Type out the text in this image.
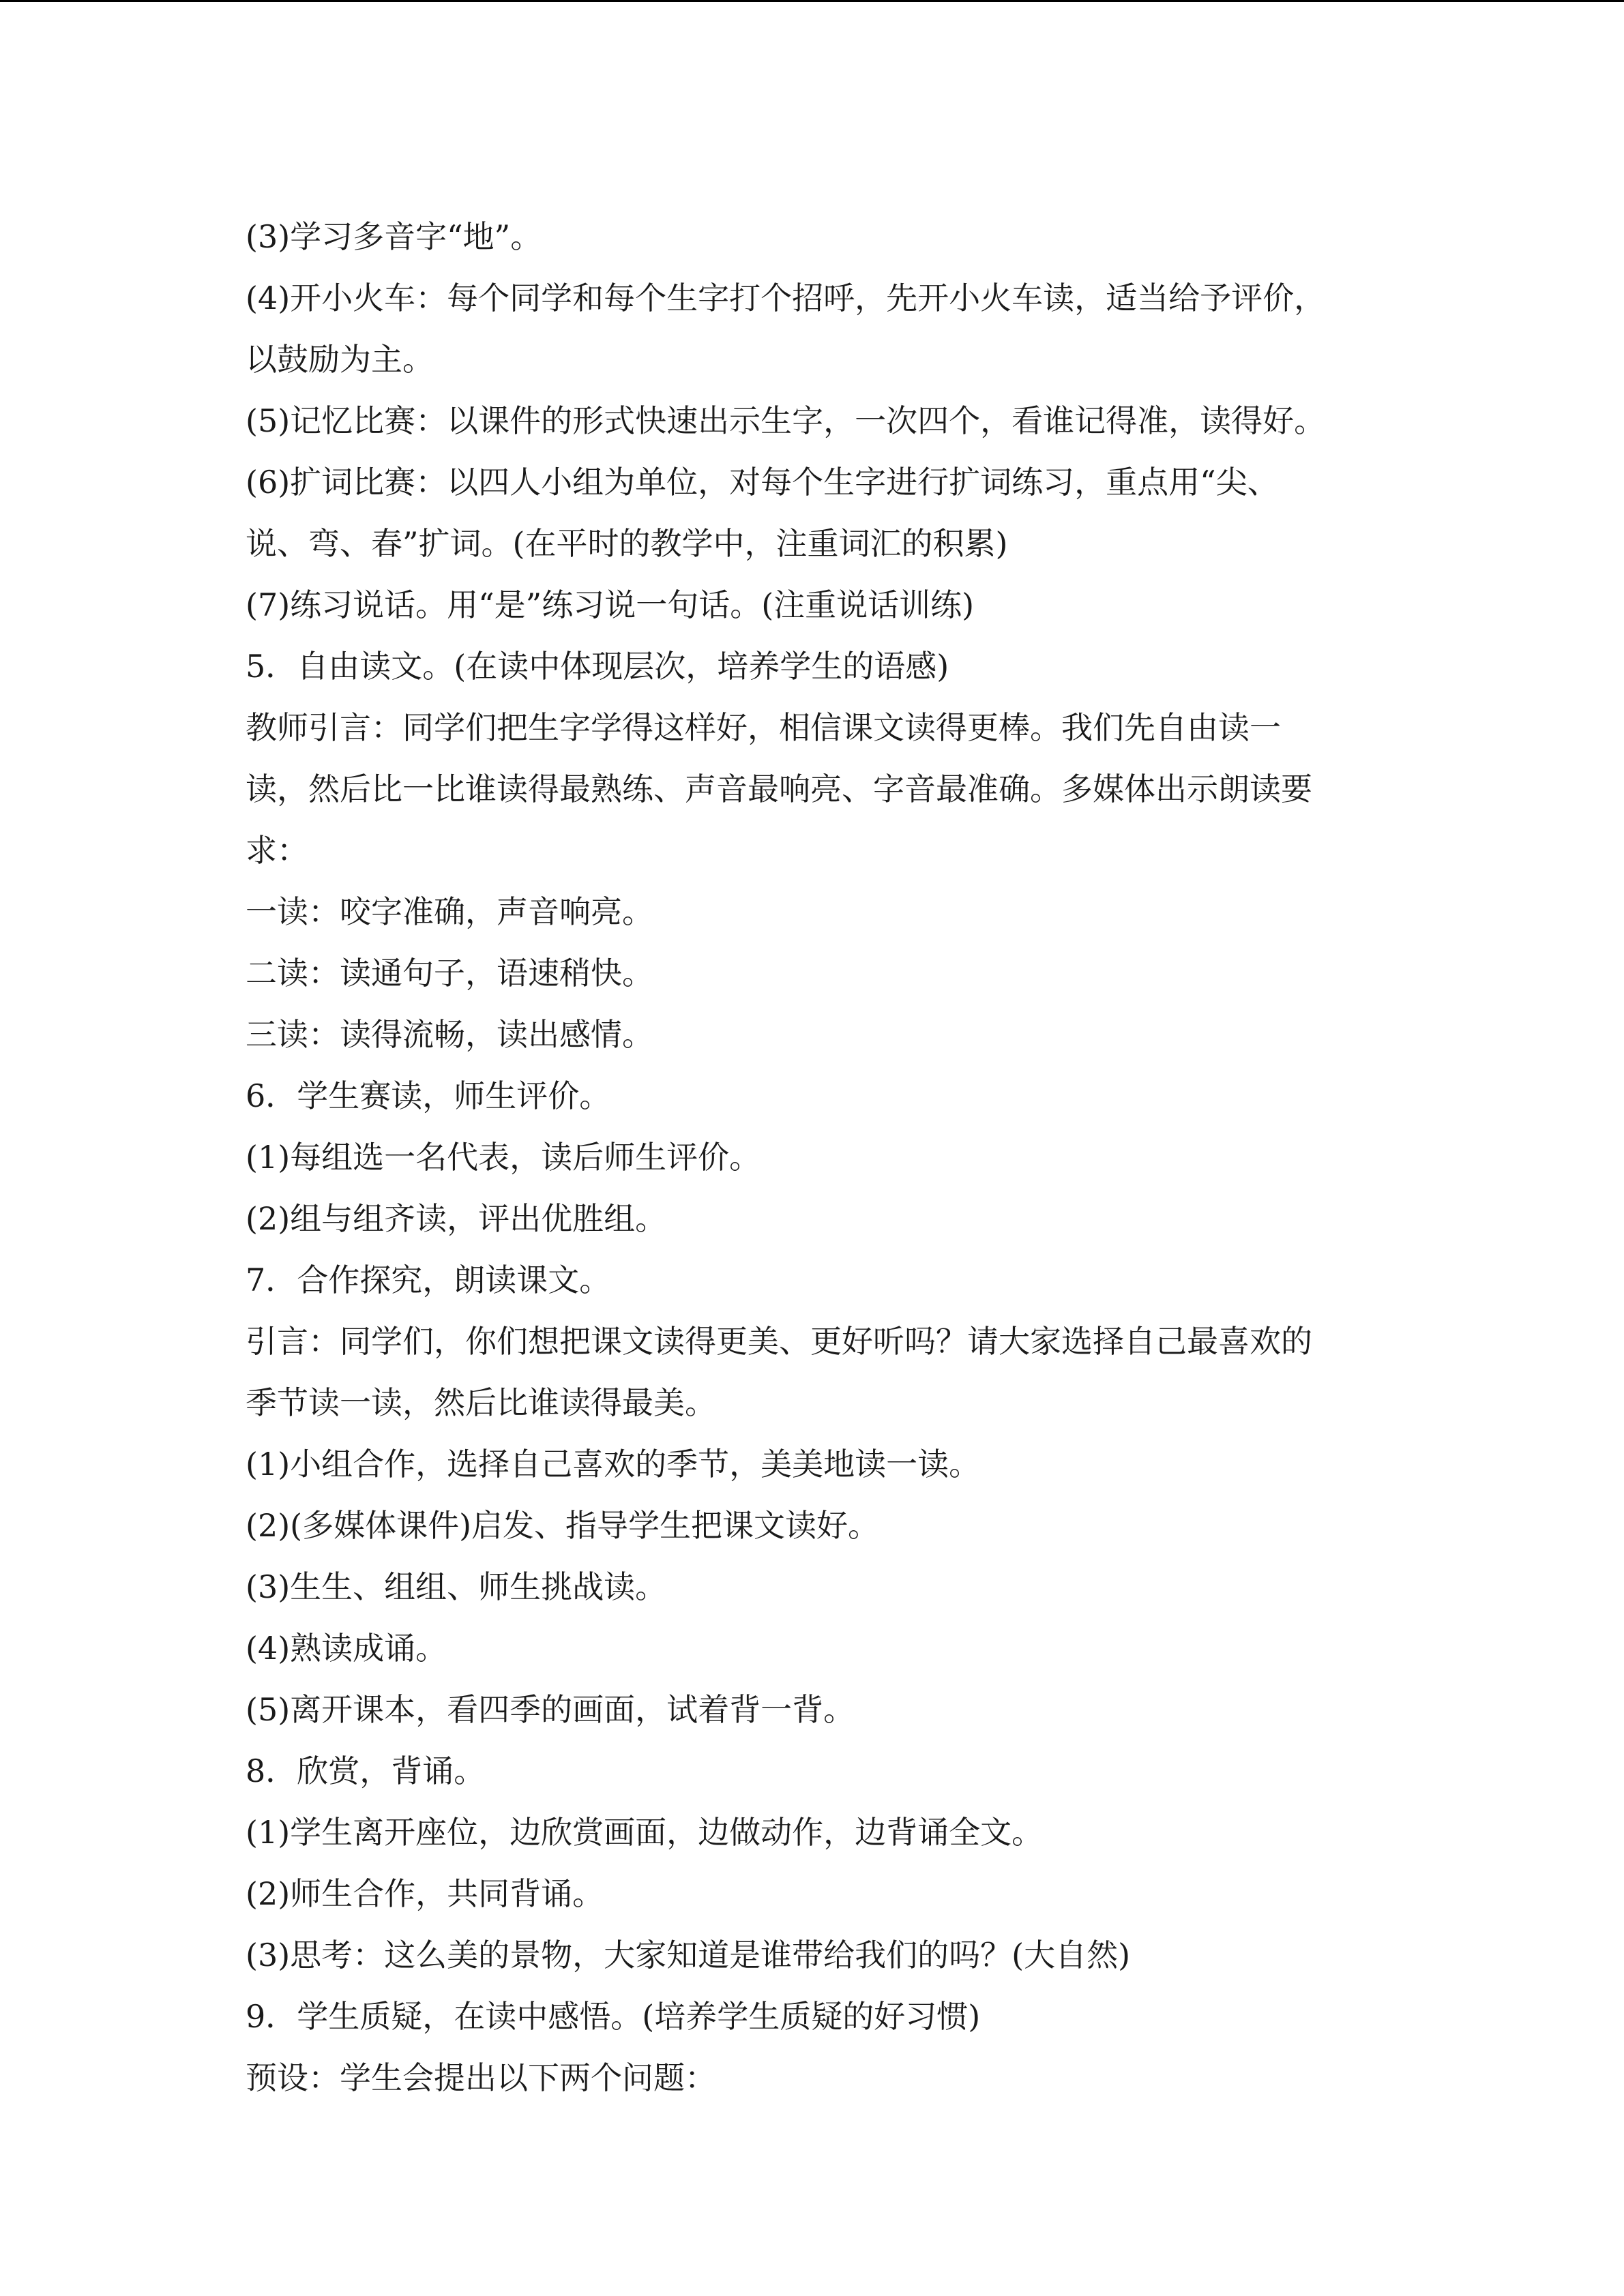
(3)学习多音字“地”。
(4)开小火车：每个同学和每个生字打个招呼，先开小火车读，适当给予评价，
以鼓励为主。
(5)记忆比赛：以课件的形式快速出示生字，一次四个，看谁记得准，读得好。
(6)扩词比赛：以四人小组为单位，对每个生字进行扩词练习，重点用“尖、
说、弯、春”扩词。(在平时的教学中，注重词汇的积累)
(7)练习说话。用“是”练习说一句话。(注重说话训练)
5．自由读文。(在读中体现层次，培养学生的语感)
教师引言：同学们把生字学得这样好，相信课文读得更棒。我们先自由读一
读，然后比一比谁读得最熟练、声音最响亮、字音最准确。多媒体出示朗读要
求：
一读：咬字准确，声音响亮。
二读：读通句子，语速稍快。
三读：读得流畅，读出感情。
6．学生赛读，师生评价。
(1)每组选一名代表，读后师生评价。
(2)组与组齐读，评出优胜组。
7．合作探究，朗读课文。
引言：同学们，你们想把课文读得更美、更好听吗？请大家选择自己最喜欢的
季节读一读，然后比谁读得最美。
(1)小组合作，选择自己喜欢的季节，美美地读一读。
(2)(多媒体课件)启发、指导学生把课文读好。
(3)生生、组组、师生挑战读。
(4)熟读成诵。
(5)离开课本，看四季的画面，试着背一背。
8．欣赏，背诵。
(1)学生离开座位，边欣赏画面，边做动作，边背诵全文。
(2)师生合作，共同背诵。
(3)思考：这么美的景物，大家知道是谁带给我们的吗？(大自然)
9．学生质疑，在读中感悟。(培养学生质疑的好习惯)
预设：学生会提出以下两个问题：
